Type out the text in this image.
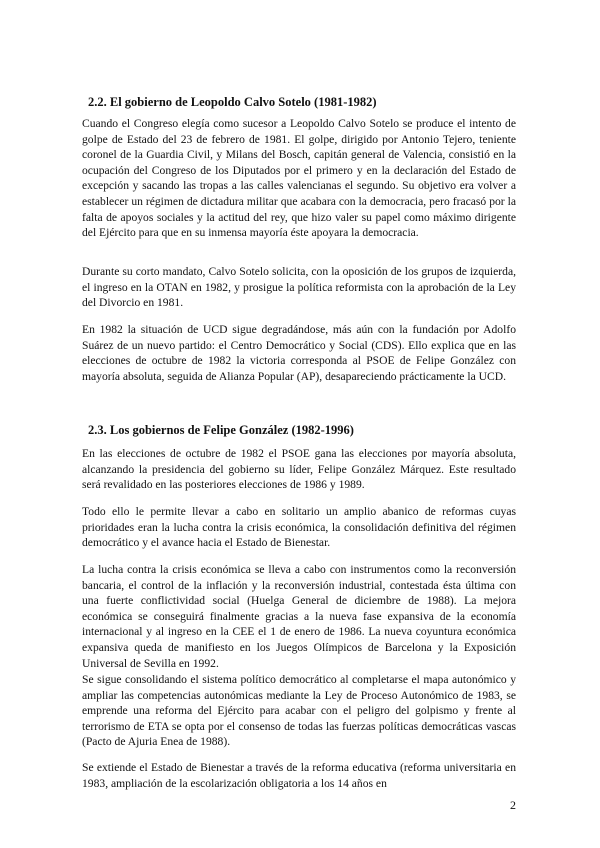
2.2. El gobierno de Leopoldo Calvo Sotelo (1981-1982)

Cuando el Congreso elegía como sucesor a Leopoldo Calvo Sotelo se produce el intento de golpe de Estado del 23 de febrero de 1981. El golpe, dirigido por Antonio Tejero, teniente coronel de la Guardia Civil, y Milans del Bosch, capitán general de Valencia, consistió en la ocupación del Congreso de los Diputados por el primero y en la declaración del Estado de excepción y sacando las tropas a las calles valencianas el segundo. Su objetivo era volver a establecer un régimen de dictadura militar que acabara con la democracia, pero fracasó por la falta de apoyos sociales y la actitud del rey, que hizo valer su papel como máximo dirigente del Ejército para que en su inmensa mayoría éste apoyara la democracia.

Durante su corto mandato, Calvo Sotelo solicita, con la oposición de los grupos de izquierda, el ingreso en la OTAN en 1982, y prosigue la política reformista con la aprobación de la Ley del Divorcio en 1981.

En 1982 la situación de UCD sigue degradándose, más aún con la fundación por Adolfo Suárez de un nuevo partido: el Centro Democrático y Social (CDS). Ello explica que en las elecciones de octubre de 1982 la victoria corresponda al PSOE de Felipe González con mayoría absoluta, seguida de Alianza Popular (AP), desapareciendo prácticamente la UCD.

2.3. Los gobiernos de Felipe González (1982-1996)

En las elecciones de octubre de 1982 el PSOE gana las elecciones por mayoría absoluta, alcanzando la presidencia del gobierno su líder, Felipe González Márquez. Este resultado será revalidado en las posteriores elecciones de 1986 y 1989.

Todo ello le permite llevar a cabo en solitario un amplio abanico de reformas cuyas prioridades eran la lucha contra la crisis económica, la consolidación definitiva del régimen democrático y el avance hacia el Estado de Bienestar.

La lucha contra la crisis económica se lleva a cabo con instrumentos como la reconversión bancaria, el control de la inflación y la reconversión industrial, contestada ésta última con una fuerte conflictividad social (Huelga General de diciembre de 1988). La mejora económica se conseguirá finalmente gracias a la nueva fase expansiva de la economía internacional y al ingreso en la CEE el 1 de enero de 1986. La nueva coyuntura económica expansiva queda de manifiesto en los Juegos Olímpicos de Barcelona y la Exposición Universal de Sevilla en 1992.

Se sigue consolidando el sistema político democrático al completarse el mapa autonómico y ampliar las competencias autonómicas mediante la Ley de Proceso Autonómico de 1983, se emprende una reforma del Ejército para acabar con el peligro del golpismo y frente al terrorismo de ETA se opta por el consenso de todas las fuerzas políticas democráticas vascas (Pacto de Ajuria Enea de 1988).

Se extiende el Estado de Bienestar a través de la reforma educativa (reforma universitaria en 1983, ampliación de la escolarización obligatoria a los 14 años en

2
